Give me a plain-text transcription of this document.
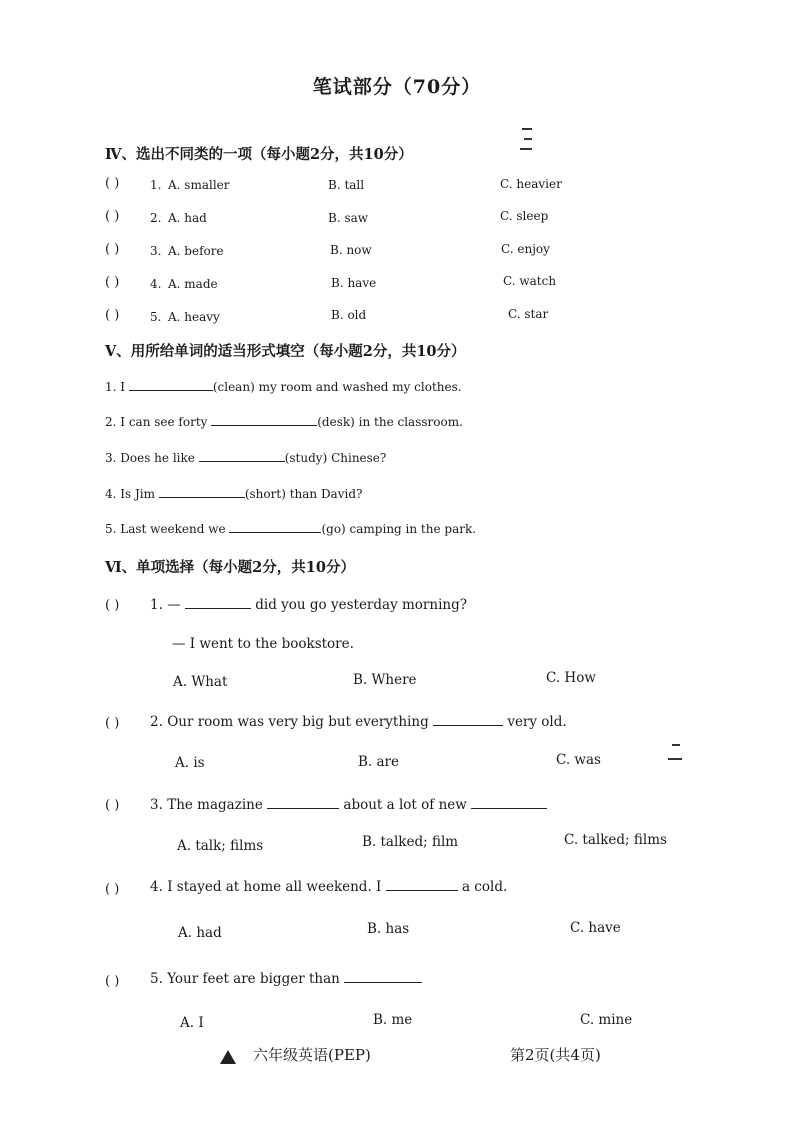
笔试部分（70分）
Ⅳ、选出不同类的一项（每小题2分，共10分）
( )	1. A. smaller	B. tall	C. heavier
( )	2. A. had	B. saw	C. sleep
( )	3. A. before	B. now	C. enjoy
( )	4. A. made	B. have	C. watch
( )	5. A. heavy	B. old	C. star
Ⅴ、用所给单词的适当形式填空（每小题2分，共10分）
1. I	(clean) my room and washed my clothes.
2. I can see forty	(desk) in the classroom.
3. Does he like	(study) Chinese?
4. Is Jim	(short) than David?
5. Last weekend we	(go) camping in the park.
Ⅵ、单项选择（每小题2分，共10分）
( ) 1. —	did you go yesterday morning?
— I went to the bookstore.
A. What	B. Where	C. How
( ) 2. Our room was very big but everything	very old.
A. is	B. are	C. was
( ) 3. The magazine	about a lot of new
A. talk; films	B. talked; film	C. talked; films
( ) 4. I stayed at home all weekend. I	a cold.
A. had	B. has	C. have
( ) 5. Your feet are bigger than
A. I	B. me	C. mine
六年级英语(PEP)	第2页(共4页)
